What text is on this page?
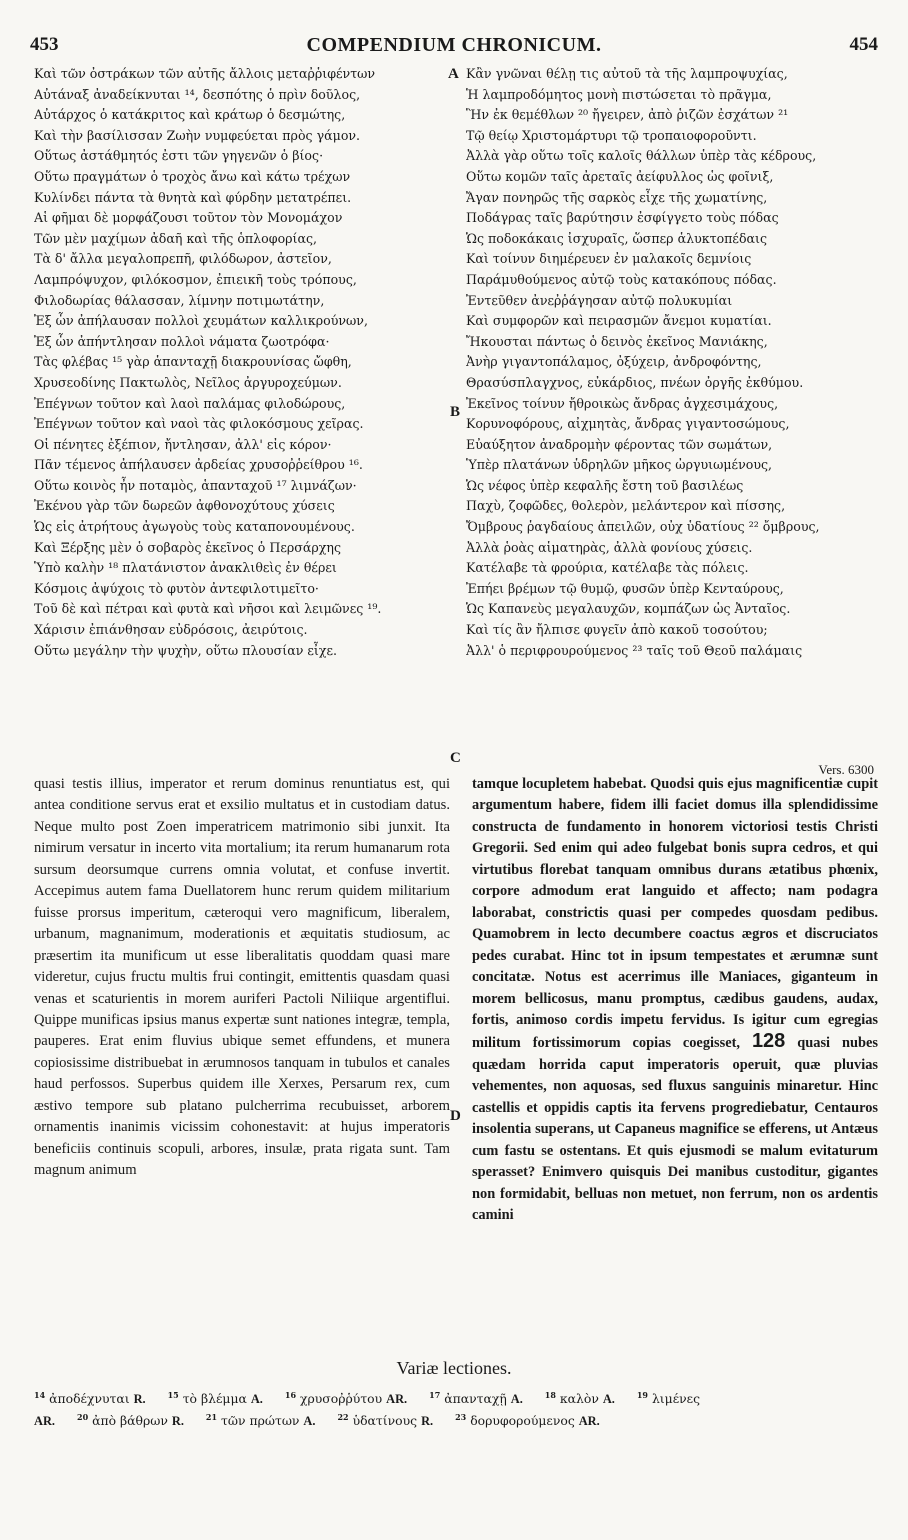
453	COMPENDIUM CHRONICUM.	454
Καὶ τῶν ὀστράκων τῶν αὐτῆς ἄλλοις μεταῤῥιφέντων
Αὐτάναξ ἀναδείκνυται ¹⁴, δεσπότης ὁ πρὶν δοῦλος,
Αὐτάρχος ὁ κατάκριτος καὶ κράτωρ ὁ δεσμώτης,
Καὶ τὴν βασίλισσαν Ζωὴν νυμφεύεται πρὸς γάμον.
Οὕτως ἀστάθμητός ἐστι τῶν γηγενῶν ὁ βίος·
Οὕτω πραγμάτων ὁ τροχὸς ἄνω καὶ κάτω τρέχων
Κυλίνδει πάντα τὰ θνητὰ καὶ φύρδην μετατρέπει.
Αἱ φῆμαι δὲ μορφάζουσι τοῦτον τὸν Μονομάχον
Τῶν μὲν μαχίμων ἀδαῆ καὶ τῆς ὁπλοφορίας,
Τὰ δ' ἄλλα μεγαλοπρεπῆ, φιλόδωρον, ἀστεῖον,
Λαμπρόψυχον, φιλόκοσμον, ἐπιεικῆ τοὺς τρόπους,
Φιλοδωρίας θάλασσαν, λίμνην ποτιμωτάτην,
Ἐξ ὧν ἀπήλαυσαν πολλοὶ χευμάτων καλλικρούνων,
Ἐξ ὧν ἀπήντλησαν πολλοὶ νάματα ζωοτρόφα·
Τὰς φλέβας ¹⁵ γὰρ ἁπανταχῇ διακρουνίσας ὤφθη,
Χρυσεοδίνης Πακτωλὸς, Νεῖλος ἀργυροχεύμων.
Ἐπέγνων τοῦτον καὶ λαοὶ παλάμας φιλοδώρους,
Ἐπέγνων τοῦτον καὶ ναοὶ τὰς φιλοκόσμους χεῖρας.
Οἱ πένητες ἐξέπιον, ἤντλησαν, ἀλλ' εἰς κόρον·
Πᾶν τέμενος ἀπήλαυσεν ἀρδείας χρυσοῤῥείθρου ¹⁶.
Οὕτω κοινὸς ἦν ποταμὸς, ἁπανταχοῦ ¹⁷ λιμνάζων·
Ἐκένου γὰρ τῶν δωρεῶν ἀφθονοχύτους χύσεις
Ὡς εἰς ἀτρήτους ἀγωγοὺς τοὺς καταπονουμένους.
Καὶ Ξέρξης μὲν ὁ σοβαρὸς ἐκεῖνος ὁ Περσάρχης
Ὑπὸ καλὴν ¹⁸ πλατάνιστον ἀνακλιθεὶς ἐν θέρει
Κόσμοις ἀψύχοις τὸ φυτὸν ἀντεφιλοτιμεῖτο·
Τοῦ δὲ καὶ πέτραι καὶ φυτὰ καὶ νῆσοι καὶ λειμῶνες ¹⁹.
Χάρισιν ἐπιάνθησαν εὐδρόσοις, ἀειρύτοις.
Οὕτω μεγάλην τὴν ψυχὴν, οὕτω πλουσίαν εἶχε.
Κἂν γνῶναι θέλῃ τις αὐτοῦ τὰ τῆς λαμπροψυχίας,
Ἡ λαμπροδόμητος μονὴ πιστώσεται τὸ πρᾶγμα,
Ἣν ἐκ θεμέθλων ²⁰ ἤγειρεν, ἀπὸ ῥιζῶν ἐσχάτων ²¹
Τῷ θείῳ Χριστομάρτυρι τῷ τροπαιοφοροῦντι.
Ἀλλὰ γὰρ οὕτω τοῖς καλοῖς θάλλων ὑπὲρ τὰς κέδρους,
Οὕτω κομῶν ταῖς ἀρεταῖς ἀείφυλλος ὡς φοῖνιξ,
Ἄγαν πονηρῶς τῆς σαρκὸς εἶχε τῆς χωματίνης,
Ποδάγρας ταῖς βαρύτησιν ἐσφίγγετο τοὺς πόδας
Ὡς ποδοκάκαις ἰσχυραῖς, ὥσπερ ἁλυκτοπέδαις
Καὶ τοίνυν διημέρευεν ἐν μαλακοῖς δεμνίοις
Παράμυθούμενος αὐτῷ τοὺς κατακόπους πόδας.
Ἐντεῦθεν ἀνεῤῥάγησαν αὐτῷ πολυκυμίαι
Καὶ συμφορῶν καὶ πειρασμῶν ἄνεμοι κυματίαι.
Ἤκουσται πάντως ὁ δεινὸς ἐκεῖνος Μανιάκης,
Ἀνὴρ γιγαντοπάλαμος, ὀξύχειρ, ἀνδροφόντης,
Θρασύσπλαγχνος, εὐκάρδιος, πνέων ὀργῆς ἐκθύμου.
Ἐκεῖνος τοίνυν ἤθροικὼς ἄνδρας ἀγχεσιμάχους,
Κορυνοφόρους, αἰχμητὰς, ἄνδρας γιγαντοσώμους,
Εὐαύξητον ἀναδρομὴν φέροντας τῶν σωμάτων,
Ὑπὲρ πλατάνων ὑδρηλῶν μῆκος ὠργυιωμένους,
Ὡς νέφος ὑπὲρ κεφαλῆς ἔστη τοῦ βασιλέως
Παχὺ, ζοφῶδες, θολερὸν, μελάντερον καὶ πίσσης,
Ὄμβρους ῥαγδαίους ἀπειλῶν, οὐχ ὑδατίους ²² ὄμβρους,
Ἀλλὰ ῥοὰς αἱματηρὰς, ἀλλὰ φονίους χύσεις.
Κατέλαβε τὰ φρούρια, κατέλαβε τὰς πόλεις.
Ἐπήει βρέμων τῷ θυμῷ, φυσῶν ὑπὲρ Κενταύρους,
Ὡς Καπανεὺς μεγαλαυχῶν, κομπάζων ὡς Ἀνταῖος.
Καὶ τίς ἂν ἤλπισε φυγεῖν ἀπὸ κακοῦ τοσούτου;
Ἀλλ' ὁ περιφρουρούμενος ²³ ταῖς τοῦ Θεοῦ παλάμαις
A
B
C
D
Vers. 6300
quasi testis illius, imperator et rerum dominus renuntiatus est, qui antea conditione servus erat et exsilio multatus et in custodiam datus. Neque multo post Zoen imperatricem matrimonio sibi junxit. Ita nimirum versatur in incerto vita mortalium; ita rerum humanarum rota sursum deorsumque currens omnia volutat, et confuse invertit. Accepimus autem fama Duellatorem hunc rerum quidem militarium fuisse prorsus imperitum, cæteroqui vero magnificum, liberalem, urbanum, magnanimum, moderationis et æquitatis studiosum, ac præsertim ita munificum ut esse liberalitatis quoddam quasi mare videretur, cujus fructu multis frui contingit, emittentis quasdam quasi venas et scaturientis in morem auriferi Pactoli Niliique argentiflui. Quippe munificas ipsius manus expertæ sunt nationes integræ, templa, pauperes. Erat enim fluvius ubique semet effundens, et munera copiosissime distribuebat in ærumnosos tanquam in tubulos et canales haud perfossos. Superbus quidem ille Xerxes, Persarum rex, cum æstivo tempore sub platano pulcherrima recubuisset, arborem ornamentis inanimis vicissim cohonestavit: at hujus imperatoris beneficiis continuis scopuli, arbores, insulæ, prata rigata sunt. Tam magnum animum
tamque locupletem habebat. Quodsi quis ejus magnificentiæ cupit argumentum habere, fidem illi faciet domus illa splendidissime constructa de fundamento in honorem victoriosi testis Christi Gregorii. Sed enim qui adeo fulgebat bonis supra cedros, et qui virtutibus florebat tanquam omnibus durans ætatibus phœnix, corpore admodum erat languido et affecto; nam podagra laborabat, constrictis quasi per compedes quosdam pedibus. Quamobrem in lecto decumbere coactus ægros et discruciatos pedes curabat. Hinc tot in ipsum tempestates et ærumnæ sunt concitatæ. Notus est acerrimus ille Maniaces, giganteum in morem bellicosus, manu promptus, cædibus gaudens, audax, fortis, animoso cordis impetu fervidus. Is igitur cum egregias militum fortissimorum copias coegisset, 128 quasi nubes quædam horrida caput imperatoris operuit, quæ pluvias vehementes, non aquosas, sed fluxus sanguinis minaretur. Hinc castellis et oppidis captis ita fervens progrediebatur, Centauros insolentia superans, ut Capaneus magnifice se efferens, ut Antæus cum fastu se ostentans. Et quis ejusmodi se malum evitaturum sperasset? Enimvero quisquis Dei manibus custoditur, gigantes non formidabit, belluas non metuet, non ferrum, non os ardentis camini
Variæ lectiones.
$^{14}$ ἀποδέχνυται R.	$^{15}$ τὸ βλέμμα A.	$^{16}$ χρυσοῤῥύτου AR.	$^{17}$ ἀπανταχῇ A.	$^{18}$ καλὸν A.	$^{19}$ λιμένες
AR.	$^{20}$ ἀπὸ βάθρων R.	$^{21}$ τῶν πρώτων A.	$^{22}$ ὑδατίνους R.	$^{23}$ δορυφορούμενος AR.
